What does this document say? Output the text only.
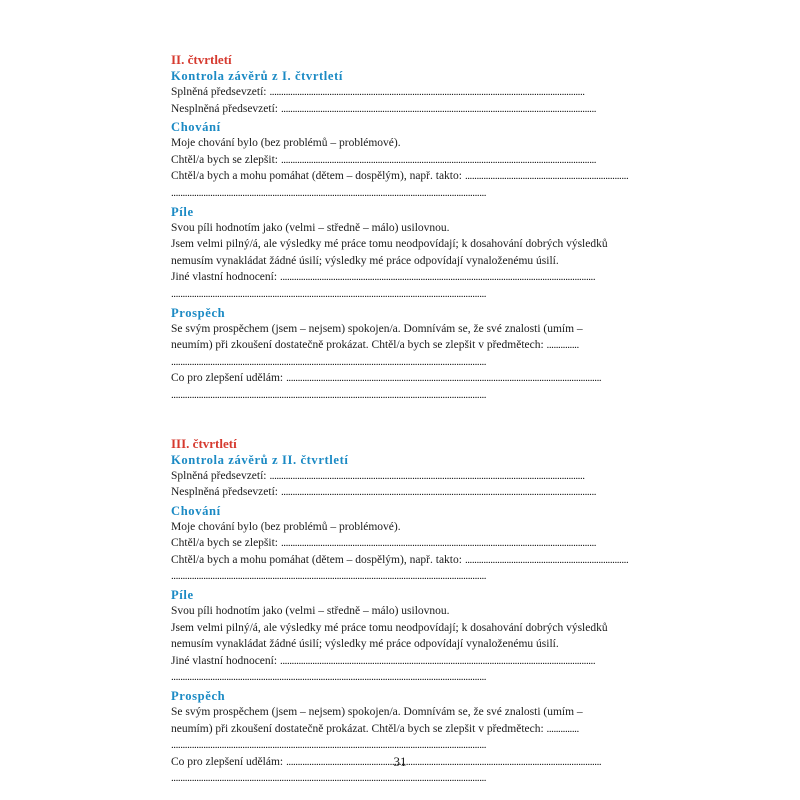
II. čtvrtletí

Kontrola závěrů z I. čtvrtletí

Splněná předsevzetí:
. . .
Nesplněná předsevzetí:
. . .

Chování

Moje chování bylo (bez problémů – problémové).
Chtěl/a bych se zlepšit:
. . .
Chtěl/a bych a mohu pomáhat (dětem – dospělým), např. takto:
. . .
. . .

Píle

Svou píli hodnotím jako (velmi – středně – málo) usilovnou.
Jsem velmi pilný/á, ale výsledky mé práce tomu neodpovídají; k dosahování dobrých výsledků
nemusím vynakládat žádné úsilí; výsledky mé práce odpovídají vynaloženému úsilí.
Jiné vlastní hodnocení:
. . .
. . .

Prospěch

Se svým prospěchem (jsem – nejsem) spokojen/a. Domnívám se, že své znalosti (umím –
neumím) při zkoušení dostatečně prokázat. Chtěl/a bych se zlepšit v předmětech: . . .
. . .
Co pro zlepšení udělám:
. . .
. . .

III. čtvrtletí

Kontrola závěrů z II. čtvrtletí

Splněná předsevzetí:
. . .
Nesplněná předsevzetí:
. . .

Chování

Moje chování bylo (bez problémů – problémové).
Chtěl/a bych se zlepšit:
. . .
Chtěl/a bych a mohu pomáhat (dětem – dospělým), např. takto:
. . .
. . .

Píle

Svou píli hodnotím jako (velmi – středně – málo) usilovnou.
Jsem velmi pilný/á, ale výsledky mé práce tomu neodpovídají; k dosahování dobrých výsledků
nemusím vynakládat žádné úsilí; výsledky mé práce odpovídají vynaloženému úsilí.
Jiné vlastní hodnocení:
. . .
. . .

Prospěch

Se svým prospěchem (jsem – nejsem) spokojen/a. Domnívám se, že své znalosti (umím –
neumím) při zkoušení dostatečně prokázat. Chtěl/a bych se zlepšit v předmětech: . . .
. . .
Co pro zlepšení udělám:
. . .
. . .	31
